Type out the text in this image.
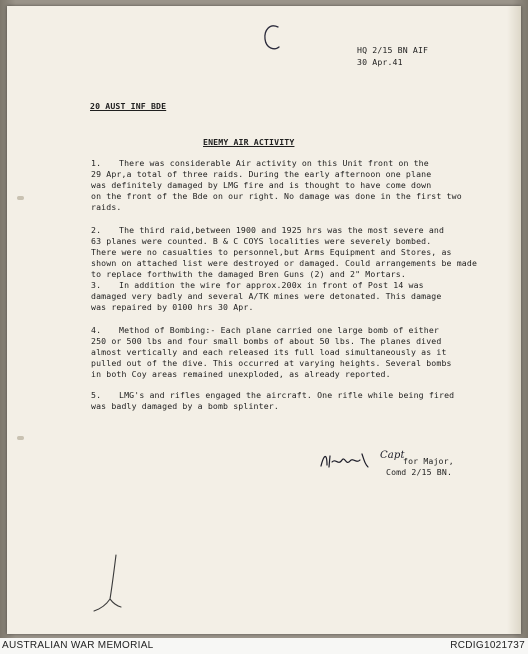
HQ 2/15 BN AIF
30 Apr.41
20 AUST INF BDE
ENEMY AIR ACTIVITY
1. There was considerable Air activity on this Unit front on the
29 Apr,a total of three raids. During the early afternoon one plane
was definitely damaged by LMG fire and is thought to have come down
on the front of the Bde on our right. No damage was done in the first two
raids.
2. The third raid,between 1900 and 1925 hrs was the most severe and
63 planes were counted. B & C COYS localities were severely bombed.
There were no casualties to personnel,but Arms Equipment and Stores, as
shown on attached list were destroyed or damaged. Could arrangements be made
to replace forthwith the damaged Bren Guns (2) and 2" Mortars.
3. In addition the wire for approx.200x in front of Post 14 was
damaged very badly and several A/TK mines were detonated. This damage
was repaired by 0100 hrs 30 Apr.
4. Method of Bombing:- Each plane carried one large bomb of either
250 or 500 lbs and four small bombs of about 50 lbs. The planes dived
almost vertically and each released its full load simultaneously as it
pulled out of the dive. This occurred at varying heights. Several bombs
in both Coy areas remained unexploded, as already reported.
5. LMG's and rifles engaged the aircraft. One rifle while being fired
was badly damaged by a bomb splinter.
Capt
for Major,
Comd 2/15 BN.
AUSTRALIAN WAR MEMORIAL	RCDIG1021737
